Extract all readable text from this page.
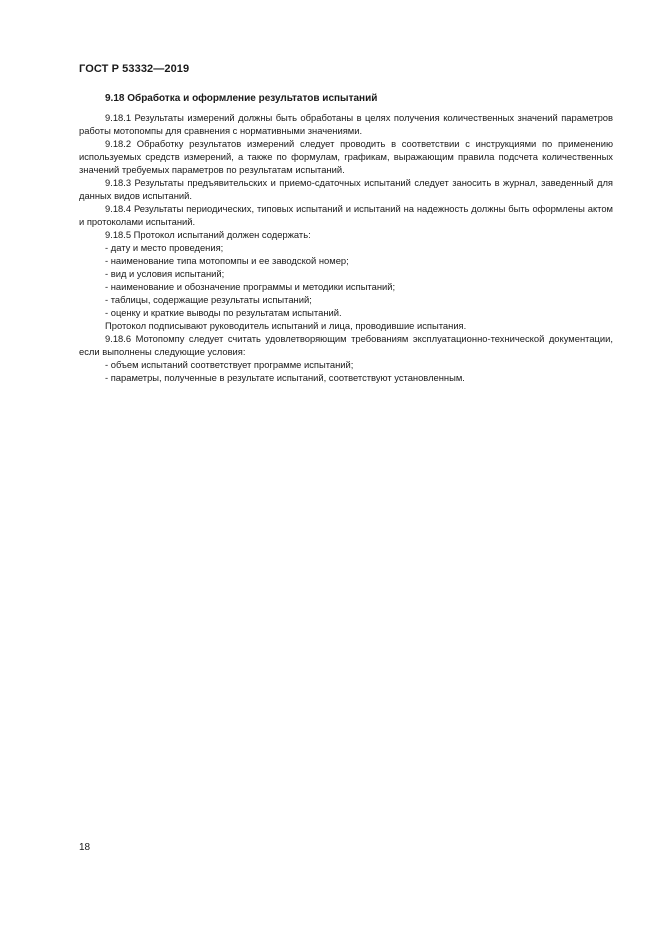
ГОСТ Р 53332—2019
9.18 Обработка и оформление результатов испытаний

9.18.1 Результаты измерений должны быть обработаны в целях получения количественных значений параметров работы мотопомпы для сравнения с нормативными значениями.

9.18.2 Обработку результатов измерений следует проводить в соответствии с инструкциями по применению используемых средств измерений, а также по формулам, графикам, выражающим правила подсчета количественных значений требуемых параметров по результатам испытаний.

9.18.3 Результаты предъявительских и приемо-сдаточных испытаний следует заносить в журнал, заведенный для данных видов испытаний.

9.18.4 Результаты периодических, типовых испытаний и испытаний на надежность должны быть оформлены актом и протоколами испытаний.

9.18.5 Протокол испытаний должен содержать:

- дату и место проведения;

- наименование типа мотопомпы и ее заводской номер;

- вид и условия испытаний;

- наименование и обозначение программы и методики испытаний;

- таблицы, содержащие результаты испытаний;

- оценку и краткие выводы по результатам испытаний.

Протокол подписывают руководитель испытаний и лица, проводившие испытания.

9.18.6 Мотопомпу следует считать удовлетворяющим требованиям эксплуатационно-технической документации, если выполнены следующие условия:

- объем испытаний соответствует программе испытаний;

- параметры, полученные в результате испытаний, соответствуют установленным.

18
